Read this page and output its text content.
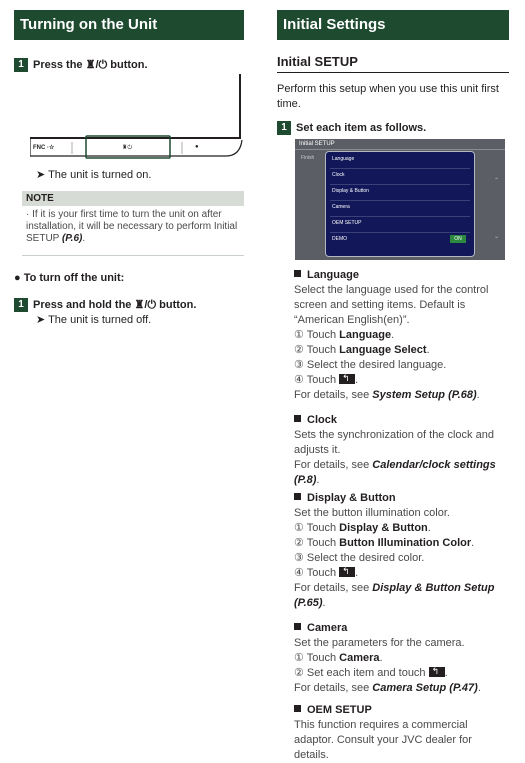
Turning on the Unit
1 Press the ♜/⏻ button.
FNC ·☆	♜⏻	●
➤ The unit is turned on.
NOTE
· If it is your first time to turn the unit on after installation, it will be necessary to perform Initial SETUP (P.6).
● To turn off the unit:
1 Press and hold the ♜/⏻ button.
➤ The unit is turned off.
Initial Settings
Initial SETUP
Perform this setup when you use this unit first time.
1 Set each item as follows.
Initial SETUP
Finish	Language
Clock
Display & Button
Camera
OEM SETUP
DEMO	ON
⌃
⌄
Language
Select the language used for the control screen and setting items. Default is “American English(en)”.
① Touch Language.
② Touch Language Select.
③ Select the desired language.
④ Touch ↰ .
For details, see System Setup (P.68).
Clock
Sets the synchronization of the clock and adjusts it.
For details, see Calendar/clock settings (P.8).
Display & Button
Set the button illumination color.
① Touch Display & Button.
② Touch Button Illumination Color.
③ Select the desired color.
④ Touch ↰ .
For details, see Display & Button Setup (P.65).
Camera
Set the parameters for the camera.
① Touch Camera.
② Set each item and touch ↰ .
For details, see Camera Setup (P.47).
OEM SETUP
This function requires a commercial adaptor. Consult your JVC dealer for details.
